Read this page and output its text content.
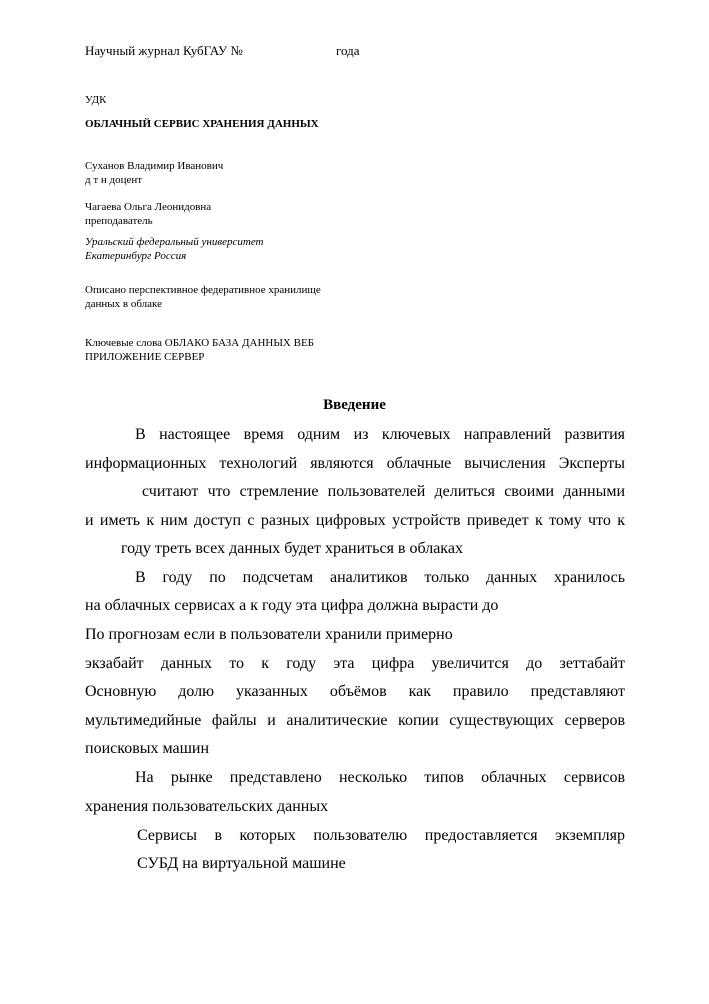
Научный журнал КубГАУ №	года
УДК
ОБЛАЧНЫЙ СЕРВИС ХРАНЕНИЯ ДАННЫХ
Суханов Владимир Иванович
д т н доцент
Чагаева Ольга Леонидовна
преподаватель
Уральский федеральный университет
Екатеринбург Россия
Описано перспективное федеративное хранилище
данных в облаке
Ключевые слова ОБЛАКО БАЗА ДАННЫХ ВЕБ
ПРИЛОЖЕНИЕ СЕРВЕР
Введение
В настоящее время одним из ключевых направлений развития
информационных технологий являются облачные вычисления Эксперты
считают что стремление пользователей делиться своими данными
и иметь к ним доступ с разных цифровых устройств приведет к тому что к
году треть всех данных будет храниться в облаках
В году по подсчетам аналитиков только данных хранилось
на облачных сервисах а к году эта цифра должна вырасти до
По прогнозам если в пользователи хранили примерно
экзабайт данных то к году эта цифра увеличится до зеттабайт
Основную долю указанных объёмов как правило представляют
мультимедийные файлы и аналитические копии существующих серверов
поисковых машин
На рынке представлено несколько типов облачных сервисов
хранения пользовательских данных
Сервисы в которых пользователю предоставляется экземпляр
СУБД на виртуальной машине
